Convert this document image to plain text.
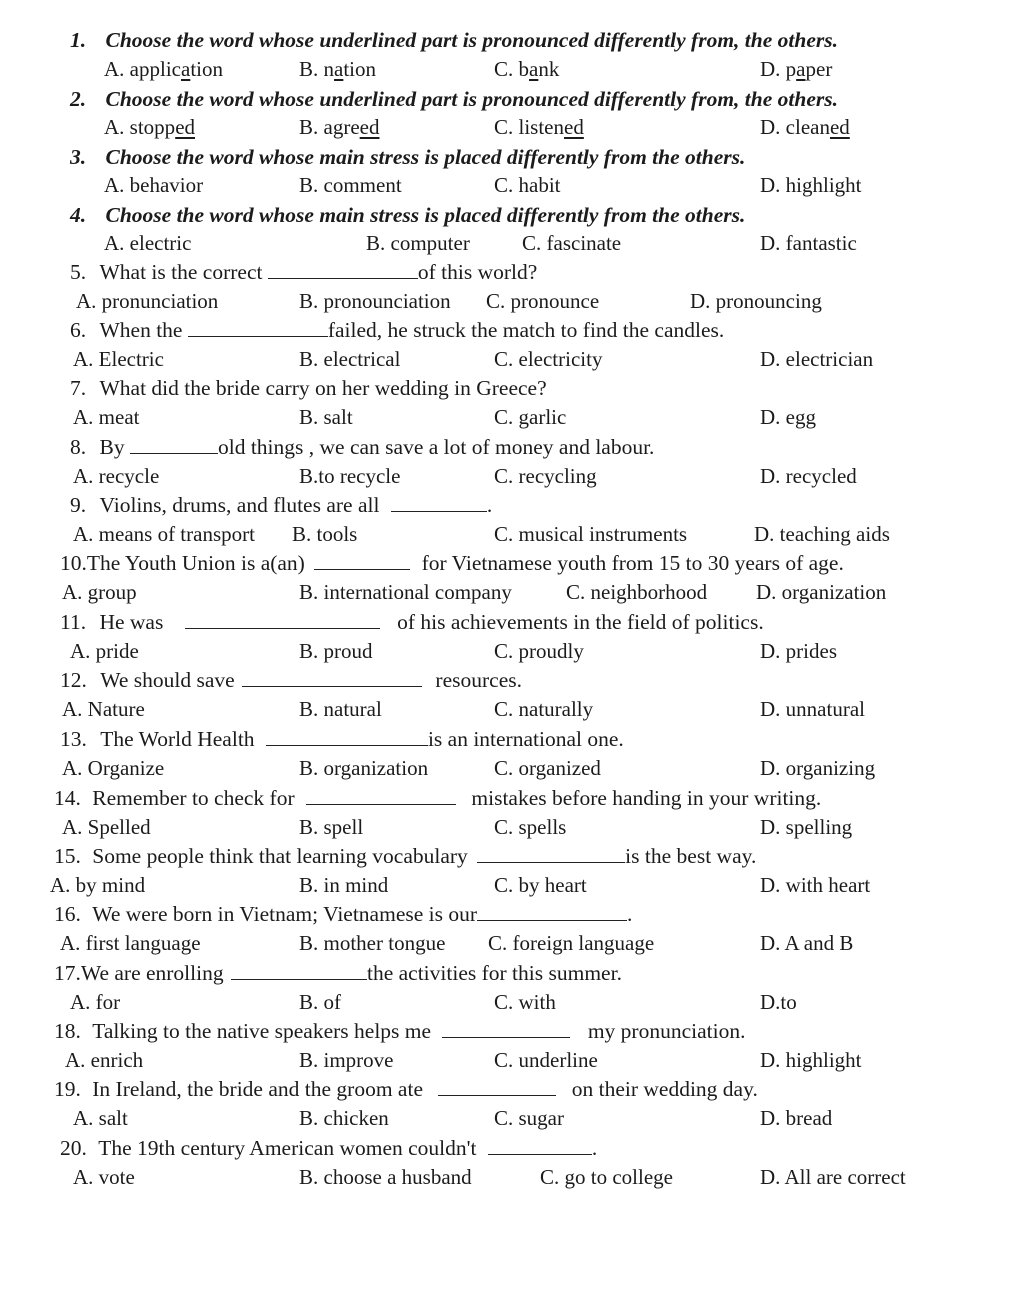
1. Choose the word whose underlined part is pronounced differently from, the others.
A. application	B. nation	C. bank	D. paper
2. Choose the word whose underlined part is pronounced differently from, the others.
A. stopped	B. agreed	C. listened	D. cleaned
3. Choose the word whose main stress is placed differently from the others.
A. behavior	B. comment	C. habit	D. highlight
4. Choose the word whose main stress is placed differently from the others.
A. electric	B. computer C. fascinate	D. fantastic
5. What is the correct	of this world?
A. pronunciation	B. pronounciation C. pronounce	D. pronouncing
6. When the	failed, he struck the match to find the candles.
A. Electric	B. electrical	C. electricity	D. electrician
7. What did the bride carry on her wedding in Greece?
A. meat	B. salt	C. garlic	D. egg
8. By	old things , we can save a lot of money and labour.
A. recycle	B.to recycle	C. recycling	D. recycled
9. Violins, drums, and flutes are all	.
A. means of transport B. tools	C. musical instruments	D. teaching aids
10.The Youth Union is a(an)	for Vietnamese youth from 15 to 30 years of age.
A. group	B. international company	C. neighborhood D. organization
11. He was	of his achievements in the field of politics.
A. pride	B. proud	C. proudly	D. prides
12. We should save	resources.
A. Nature	B. natural	C. naturally	D. unnatural
13. The World Health	is an international one.
A. Organize	B. organization	C. organized	D. organizing
14. Remember to check for	mistakes before handing in your writing.
A. Spelled	B. spell	C. spells	D. spelling
15. Some people think that learning vocabulary	is the best way.
A. by mind	B. in mind	C. by heart	D. with heart
16. We were born in Vietnam; Vietnamese is our	.
A. first language	B. mother tongue C. foreign language	D. A and B
17.We are enrolling	the activities for this summer.
A. for	B. of	C. with	D.to
18. Talking to the native speakers helps me	my pronunciation.
A. enrich	B. improve	C. underline	D. highlight
19. In Ireland, the bride and the groom ate	on their wedding day.
A. salt	B. chicken	C. sugar	D. bread
20. The 19th century American women couldn't	.
A. vote	B. choose a husband	C. go to college	D. All are correct
